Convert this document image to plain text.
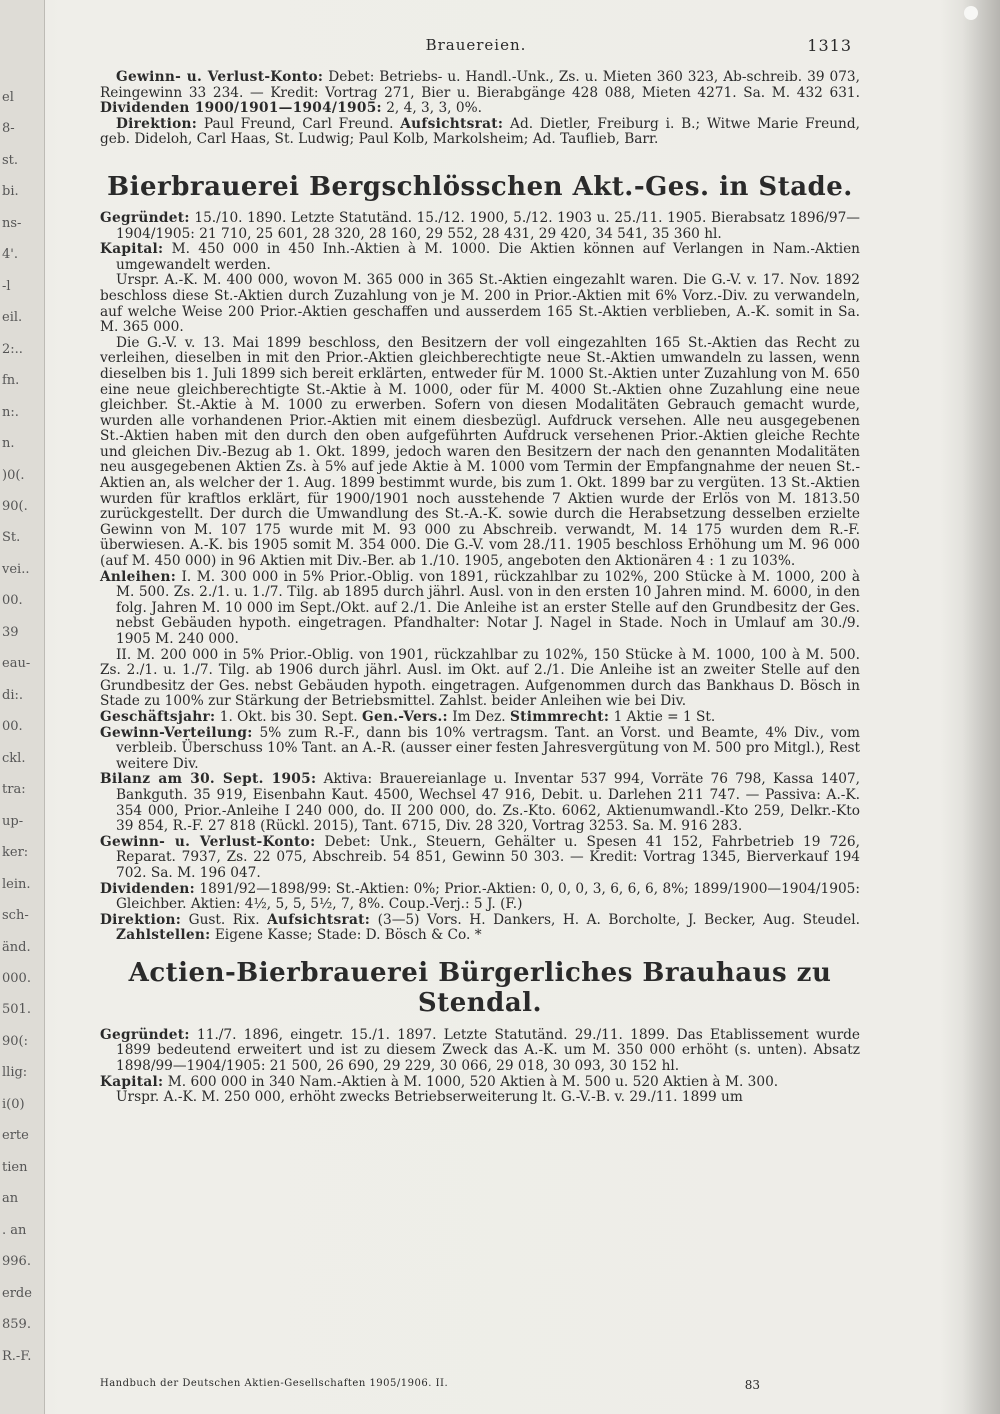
el
8-
st.
bi.
ns-
4'.
-l
eil.
2:..
fn.
n:.
n.
)0(.
90(.
St.
vei..
00.
39
eau-
di:.
00.
ckl.
tra:
up-
ker:
lein.
sch-
änd.
000.
501.
90(:
llig:
i(0)
erte
tien
an
. an
996.
erde
859.
R.-F.
Brauereien.	1313

Gewinn- u. Verlust-Konto: Debet: Betriebs- u. Handl.-Unk., Zs. u. Mieten 360 323, Ab-schreib. 39 073, Reingewinn 33 234. — Kredit: Vortrag 271, Bier u. Bierabgänge 428 088, Mieten 4271. Sa. M. 432 631. Dividenden 1900/1901—1904/1905: 2, 4, 3, 3, 0%.

Direktion: Paul Freund, Carl Freund. Aufsichtsrat: Ad. Dietler, Freiburg i. B.; Witwe Marie Freund, geb. Dideloh, Carl Haas, St. Ludwig; Paul Kolb, Markolsheim; Ad. Tauflieb, Barr.

Bierbrauerei Bergschlösschen Akt.-Ges. in Stade.

Gegründet: 15./10. 1890. Letzte Statutänd. 15./12. 1900, 5./12. 1903 u. 25./11. 1905. Bierabsatz 1896/97—1904/1905: 21 710, 25 601, 28 320, 28 160, 29 552, 28 431, 29 420, 34 541, 35 360 hl.

Kapital: M. 450 000 in 450 Inh.-Aktien à M. 1000. Die Aktien können auf Verlangen in Nam.-Aktien umgewandelt werden.

Urspr. A.-K. M. 400 000, wovon M. 365 000 in 365 St.-Aktien eingezahlt waren. Die G.-V. v. 17. Nov. 1892 beschloss diese St.-Aktien durch Zuzahlung von je M. 200 in Prior.-Aktien mit 6% Vorz.-Div. zu verwandeln, auf welche Weise 200 Prior.-Aktien geschaffen und ausserdem 165 St.-Aktien verblieben, A.-K. somit in Sa. M. 365 000.

Die G.-V. v. 13. Mai 1899 beschloss, den Besitzern der voll eingezahlten 165 St.-Aktien das Recht zu verleihen, dieselben in mit den Prior.-Aktien gleichberechtigte neue St.-Aktien umwandeln zu lassen, wenn dieselben bis 1. Juli 1899 sich bereit erklärten, entweder für M. 1000 St.-Aktien unter Zuzahlung von M. 650 eine neue gleichberechtigte St.-Aktie à M. 1000, oder für M. 4000 St.-Aktien ohne Zuzahlung eine neue gleichber. St.-Aktie à M. 1000 zu erwerben. Sofern von diesen Modalitäten Gebrauch gemacht wurde, wurden alle vorhandenen Prior.-Aktien mit einem diesbezügl. Aufdruck versehen. Alle neu ausgegebenen St.-Aktien haben mit den durch den oben aufgeführten Aufdruck versehenen Prior.-Aktien gleiche Rechte und gleichen Div.-Bezug ab 1. Okt. 1899, jedoch waren den Besitzern der nach den genannten Modalitäten neu ausgegebenen Aktien Zs. à 5% auf jede Aktie à M. 1000 vom Termin der Empfangnahme der neuen St.-Aktien an, als welcher der 1. Aug. 1899 bestimmt wurde, bis zum 1. Okt. 1899 bar zu vergüten. 13 St.-Aktien wurden für kraftlos erklärt, für 1900/1901 noch ausstehende 7 Aktien wurde der Erlös von M. 1813.50 zurückgestellt. Der durch die Umwandlung des St.-A.-K. sowie durch die Herabsetzung desselben erzielte Gewinn von M. 107 175 wurde mit M. 93 000 zu Abschreib. verwandt, M. 14 175 wurden dem R.-F. überwiesen. A.-K. bis 1905 somit M. 354 000. Die G.-V. vom 28./11. 1905 beschloss Erhöhung um M. 96 000 (auf M. 450 000) in 96 Aktien mit Div.-Ber. ab 1./10. 1905, angeboten den Aktionären 4 : 1 zu 103%.

Anleihen: I. M. 300 000 in 5% Prior.-Oblig. von 1891, rückzahlbar zu 102%, 200 Stücke à M. 1000, 200 à M. 500. Zs. 2./1. u. 1./7. Tilg. ab 1895 durch jährl. Ausl. von in den ersten 10 Jahren mind. M. 6000, in den folg. Jahren M. 10 000 im Sept./Okt. auf 2./1. Die Anleihe ist an erster Stelle auf den Grundbesitz der Ges. nebst Gebäuden hypoth. eingetragen. Pfandhalter: Notar J. Nagel in Stade. Noch in Umlauf am 30./9. 1905 M. 240 000.

II. M. 200 000 in 5% Prior.-Oblig. von 1901, rückzahlbar zu 102%, 150 Stücke à M. 1000, 100 à M. 500. Zs. 2./1. u. 1./7. Tilg. ab 1906 durch jährl. Ausl. im Okt. auf 2./1. Die Anleihe ist an zweiter Stelle auf den Grundbesitz der Ges. nebst Gebäuden hypoth. eingetragen. Aufgenommen durch das Bankhaus D. Bösch in Stade zu 100% zur Stärkung der Betriebsmittel. Zahlst. beider Anleihen wie bei Div.

Geschäftsjahr: 1. Okt. bis 30. Sept. Gen.-Vers.: Im Dez. Stimmrecht: 1 Aktie = 1 St.

Gewinn-Verteilung: 5% zum R.-F., dann bis 10% vertragsm. Tant. an Vorst. und Beamte, 4% Div., vom verbleib. Überschuss 10% Tant. an A.-R. (ausser einer festen Jahresvergütung von M. 500 pro Mitgl.), Rest weitere Div.

Bilanz am 30. Sept. 1905: Aktiva: Brauereianlage u. Inventar 537 994, Vorräte 76 798, Kassa 1407, Bankguth. 35 919, Eisenbahn Kaut. 4500, Wechsel 47 916, Debit. u. Darlehen 211 747. — Passiva: A.-K. 354 000, Prior.-Anleihe I 240 000, do. II 200 000, do. Zs.-Kto. 6062, Aktienumwandl.-Kto 259, Delkr.-Kto 39 854, R.-F. 27 818 (Rückl. 2015), Tant. 6715, Div. 28 320, Vortrag 3253. Sa. M. 916 283.

Gewinn- u. Verlust-Konto: Debet: Unk., Steuern, Gehälter u. Spesen 41 152, Fahrbetrieb 19 726, Reparat. 7937, Zs. 22 075, Abschreib. 54 851, Gewinn 50 303. — Kredit: Vortrag 1345, Bierverkauf 194 702. Sa. M. 196 047.

Dividenden: 1891/92—1898/99: St.-Aktien: 0%; Prior.-Aktien: 0, 0, 0, 3, 6, 6, 6, 8%; 1899/1900—1904/1905: Gleichber. Aktien: 4½, 5, 5, 5½, 7, 8%. Coup.-Verj.: 5 J. (F.)

Direktion: Gust. Rix. Aufsichtsrat: (3—5) Vors. H. Dankers, H. A. Borcholte, J. Becker, Aug. Steudel. Zahlstellen: Eigene Kasse; Stade: D. Bösch & Co. *

Actien-Bierbrauerei Bürgerliches Brauhaus zu Stendal.

Gegründet: 11./7. 1896, eingetr. 15./1. 1897. Letzte Statutänd. 29./11. 1899. Das Etablissement wurde 1899 bedeutend erweitert und ist zu diesem Zweck das A.-K. um M. 350 000 erhöht (s. unten). Absatz 1898/99—1904/1905: 21 500, 26 690, 29 229, 30 066, 29 018, 30 093, 30 152 hl.

Kapital: M. 600 000 in 340 Nam.-Aktien à M. 1000, 520 Aktien à M. 500 u. 520 Aktien à M. 300.

Urspr. A.-K. M. 250 000, erhöht zwecks Betriebserweiterung lt. G.-V.-B. v. 29./11. 1899 um

Handbuch der Deutschen Aktien-Gesellschaften 1905/1906. II.	83
